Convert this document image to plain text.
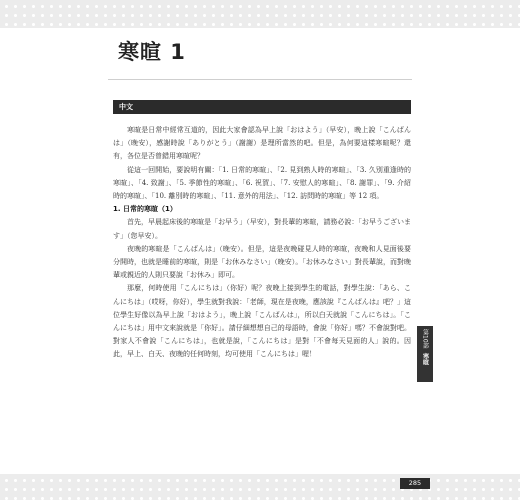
寒暄 1
中文

寒暄是日常中經常互道的，因此大家會認為早上說「おはよう」（早安），晚上說「こんばんは」（晚安），感謝時說「ありがとう」（謝謝）是理所當然的吧。但是，為何要這樣寒暄呢？還有，各位是否曾錯用寒暄呢？

從這一回開始，要說明有關：「1. 日常的寒暄」、「2. 見到熟人時的寒暄」、「3. 久別重逢時的寒暄」、「4. 致謝」、「5. 季節性的寒暄」、「6. 祝賀」、「7. 安慰人的寒暄」、「8. 謝罪」、「9. 介紹時的寒暄」、「10. 離別時的寒暄」、「11. 意外的用法」、「12. 訪問時的寒暄」等 12 項。

1. 日常的寒暄（1）

首先，早晨起床後的寒暄是「お早う」（早安），對長輩的寒暄，請務必說：「お早うございます」（您早安）。

夜晚的寒暄是「こんばんは」（晚安）。但是，這是夜晚碰見人時的寒暄，夜晚和人見面後要分開時，也就是睡前的寒暄，則是「お休みなさい」（晚安）。「お休みなさい」對長輩說，而對晚輩或親近的人則只要說「お休み」即可。

那麼，何時使用「こんにちは」（你好）呢？夜晚上接到學生的電話，對學生說：「あら、こんにちは」（哎呀，你好），學生就對我說：「老師，現在是夜晚，應該說『こんばんは』吧？」這位學生好像以為早上說「おはよう」，晚上說「こんばんは」，所以白天就說「こんにちは」。「こんにちは」用中文來說就是「你好」。請仔細想想自己的母語時，會說「你好」嗎？不會說對吧。對家人不會說「こんにちは」，也就是說，「こんにちは」是對「不會每天見面的人」說的。因此，早上、白天、夜晚的任何時刻，均可使用「こんにちは」喔！

第10部
寒暄
285
